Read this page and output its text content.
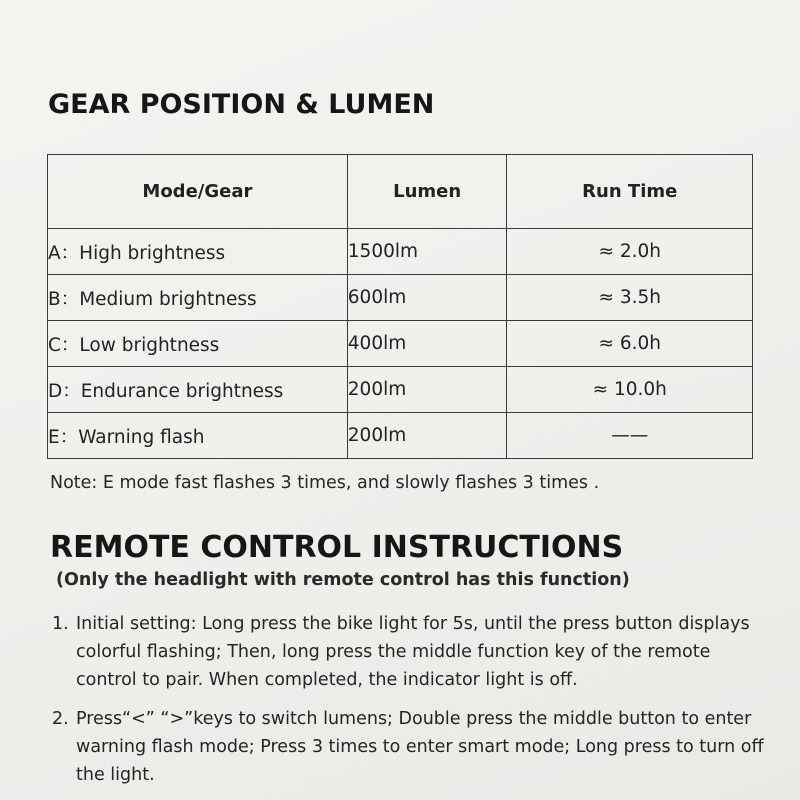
GEAR POSITION & LUMEN
Mode/Gear	Lumen	Run Time
A：High brightness	1500lm	≈ 2.0h
B：Medium brightness	600lm	≈ 3.5h
C：Low brightness	400lm	≈ 6.0h
D：Endurance brightness	200lm	≈ 10.0h
E：Warning flash	200lm	——
Note: E mode fast flashes 3 times, and slowly flashes 3 times .
REMOTE CONTROL INSTRUCTIONS
(Only the headlight with remote control has this function)
1. Initial setting: Long press the bike light for 5s, until the press button displays colorful flashing; Then, long press the middle function key of the remote control to pair. When completed, the indicator light is off.
2. Press“<” “>”keys to switch lumens; Double press the middle button to enter warning flash mode; Press 3 times to enter smart mode; Long press to turn off the light.
